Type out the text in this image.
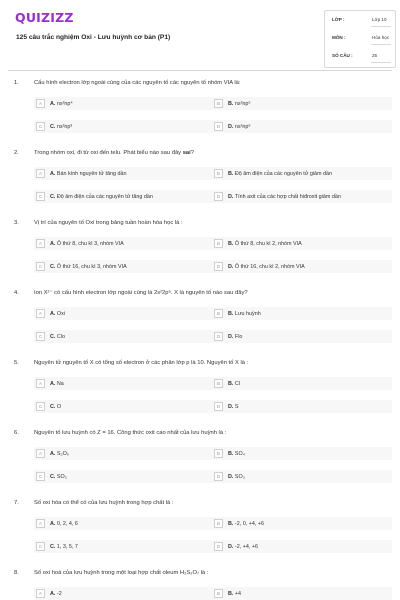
QUIZIZZ
125 câu trắc nghiệm Oxi - Lưu huỳnh cơ bản (P1)
LỚP :	Lớp 10
MÔN :	Hóa học
SỐ CÂU :	25
1.	Cấu hình electron lớp ngoài cùng của các nguyên tố các nguyên tố nhóm VIA là:
A	A. ns²np⁴	B	B. ns²np⁵
C	C. ns²np³	D	D. ns²np⁶
2.	Trong nhóm oxi, đi từ oxi đến telu. Phát biểu nào sau đây sai?
A	A. Bán kính nguyên tử tăng dần	B	B. Độ âm điện của các nguyên tử giảm dần
C	C. Độ âm điện của các nguyên tử tăng dần	D	D. Tính axit của các hợp chất hiđroxit giảm dần
3.	Vị trí của nguyên tố Oxi trong bảng tuần hoàn hóa học là :
A	A. Ô thứ 8, chu kì 3, nhóm VIA	B	B. Ô thứ 8, chu kì 2, nhóm VIA
C	C. Ô thứ 16, chu kì 3, nhóm VIA	D	D. Ô thứ 16, chu kì 2, nhóm VIA
4.	Ion X²⁻ có cấu hình electron lớp ngoài cùng là 2s²2p⁶. X là nguyên tố nào sau đây?
A	A. Oxi	B	B. Lưu huỳnh
C	C. Clo	D	D. Flo
5.	Nguyên tử nguyên tố X có tổng số electron ở các phân lớp p là 10. Nguyên tố X là :
A	A. Na	B	B. Cl
C	C. O	D	D. S
6.	Nguyên tố lưu huỳnh có Z = 16. Công thức oxit cao nhất của lưu huỳnh là :
A	A. S₂O₅	B	B. SO₄
C	C. SO₂	D	D. SO₃
7.	Số oxi hóa có thể có của lưu huỳnh trong hợp chất là :
A	A. 0, 2, 4, 6	B	B. -2, 0, +4, +6
C	C. 1, 3, 5, 7	D	D. -2, +4, +6
8.	Số oxi hoá của lưu huỳnh trong một loại hợp chất oleum H₂S₂O₇ là :
A	A. -2	B	B. +4
